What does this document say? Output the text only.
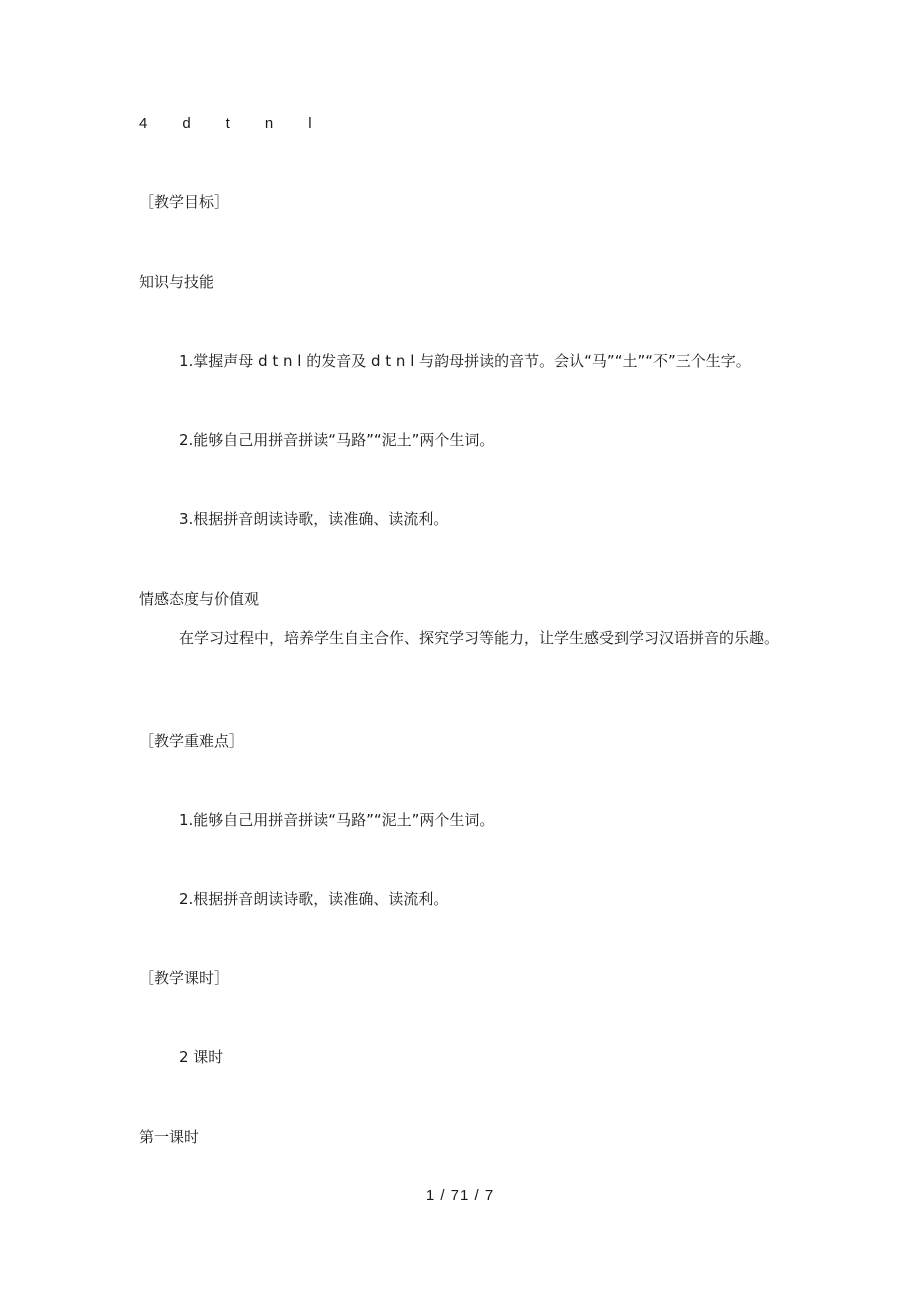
4　d　t　n　l
［教学目标］
知识与技能
1.掌握声母 d t n l 的发音及 d t n l 与韵母拼读的音节。会认“马”“土”“不”三个生字。
2.能够自己用拼音拼读“马路”“泥土”两个生词。
3.根据拼音朗读诗歌，读准确、读流利。
情感态度与价值观
在学习过程中，培养学生自主合作、探究学习等能力，让学生感受到学习汉语拼音的乐趣。
［教学重难点］
1.能够自己用拼音拼读“马路”“泥土”两个生词。
2.根据拼音朗读诗歌，读准确、读流利。
［教学课时］
2 课时
第一课时
1 / 71 / 7
